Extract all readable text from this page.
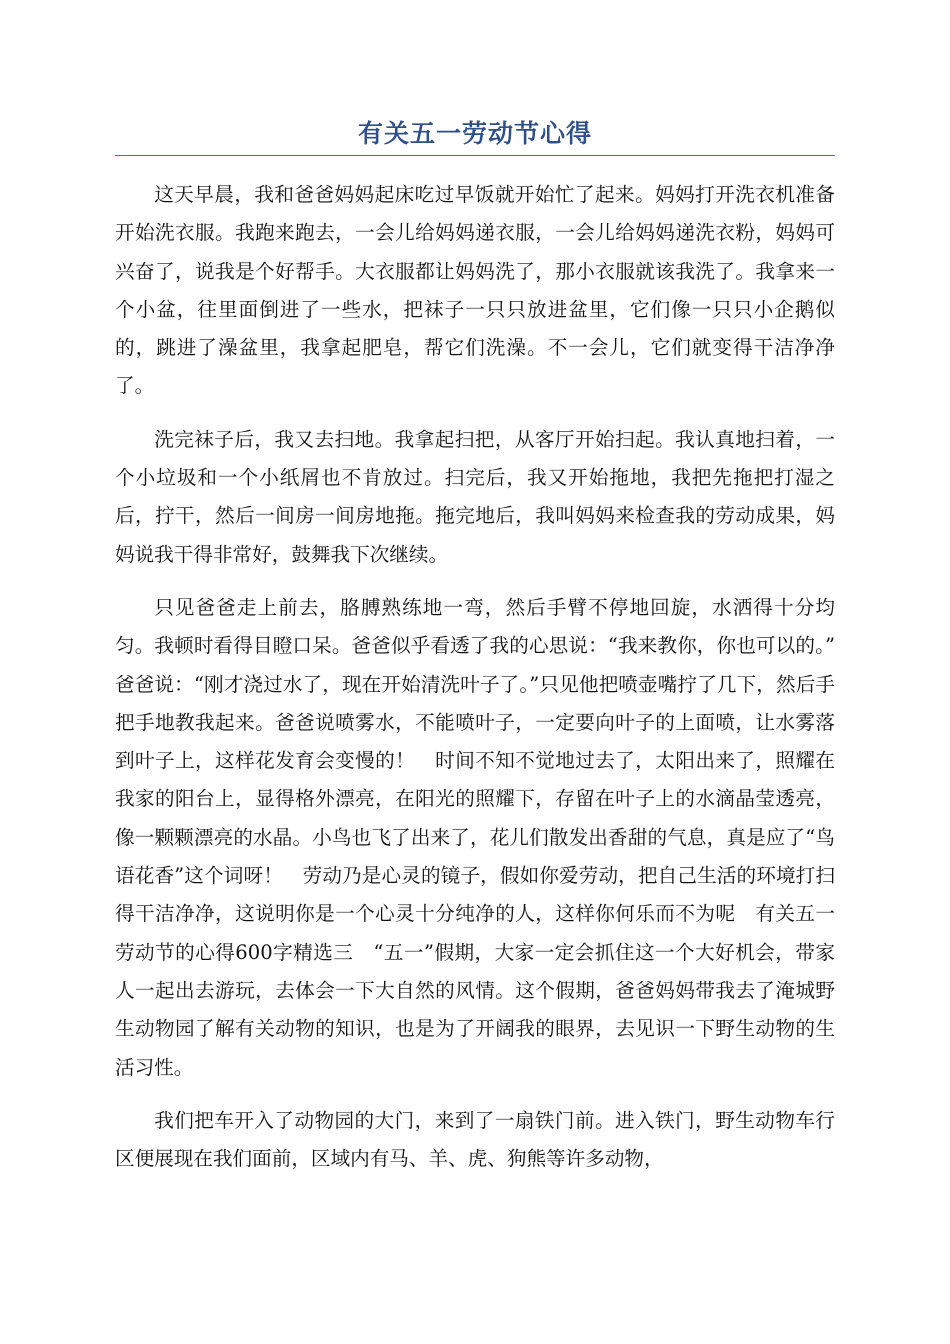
有关五一劳动节心得

这天早晨，我和爸爸妈妈起床吃过早饭就开始忙了起来。妈妈打开洗衣机准备开始洗衣服。我跑来跑去，一会儿给妈妈递衣服，一会儿给妈妈递洗衣粉，妈妈可兴奋了，说我是个好帮手。大衣服都让妈妈洗了，那小衣服就该我洗了。我拿来一个小盆，往里面倒进了一些水，把袜子一只只放进盆里，它们像一只只小企鹅似的，跳进了澡盆里，我拿起肥皂，帮它们洗澡。不一会儿，它们就变得干洁净净了。

洗完袜子后，我又去扫地。我拿起扫把，从客厅开始扫起。我认真地扫着，一个小垃圾和一个小纸屑也不肯放过。扫完后，我又开始拖地，我把先拖把打湿之后，拧干，然后一间房一间房地拖。拖完地后，我叫妈妈来检查我的劳动成果，妈妈说我干得非常好，鼓舞我下次继续。

只见爸爸走上前去，胳膊熟练地一弯，然后手臂不停地回旋，水洒得十分均匀。我顿时看得目瞪口呆。爸爸似乎看透了我的心思说：“我来教你，你也可以的。”　爸爸说：“刚才浇过水了，现在开始清洗叶子了。”只见他把喷壶嘴拧了几下，然后手把手地教我起来。爸爸说喷雾水，不能喷叶子，一定要向叶子的上面喷，让水雾落到叶子上，这样花发育会变慢的！　时间不知不觉地过去了，太阳出来了，照耀在我家的阳台上，显得格外漂亮，在阳光的照耀下，存留在叶子上的水滴晶莹透亮，像一颗颗漂亮的水晶。小鸟也飞了出来了，花儿们散发出香甜的气息，真是应了“鸟语花香”这个词呀！　劳动乃是心灵的镜子，假如你爱劳动，把自己生活的环境打扫得干洁净净，这说明你是一个心灵十分纯净的人，这样你何乐而不为呢　有关五一劳动节的心得600字精选三　“五一”假期，大家一定会抓住这一个大好机会，带家人一起出去游玩，去体会一下大自然的风情。这个假期，爸爸妈妈带我去了淹城野生动物园了解有关动物的知识，也是为了开阔我的眼界，去见识一下野生动物的生活习性。

我们把车开入了动物园的大门，来到了一扇铁门前。进入铁门，野生动物车行区便展现在我们面前，区域内有马、羊、虎、狗熊等许多动物，
